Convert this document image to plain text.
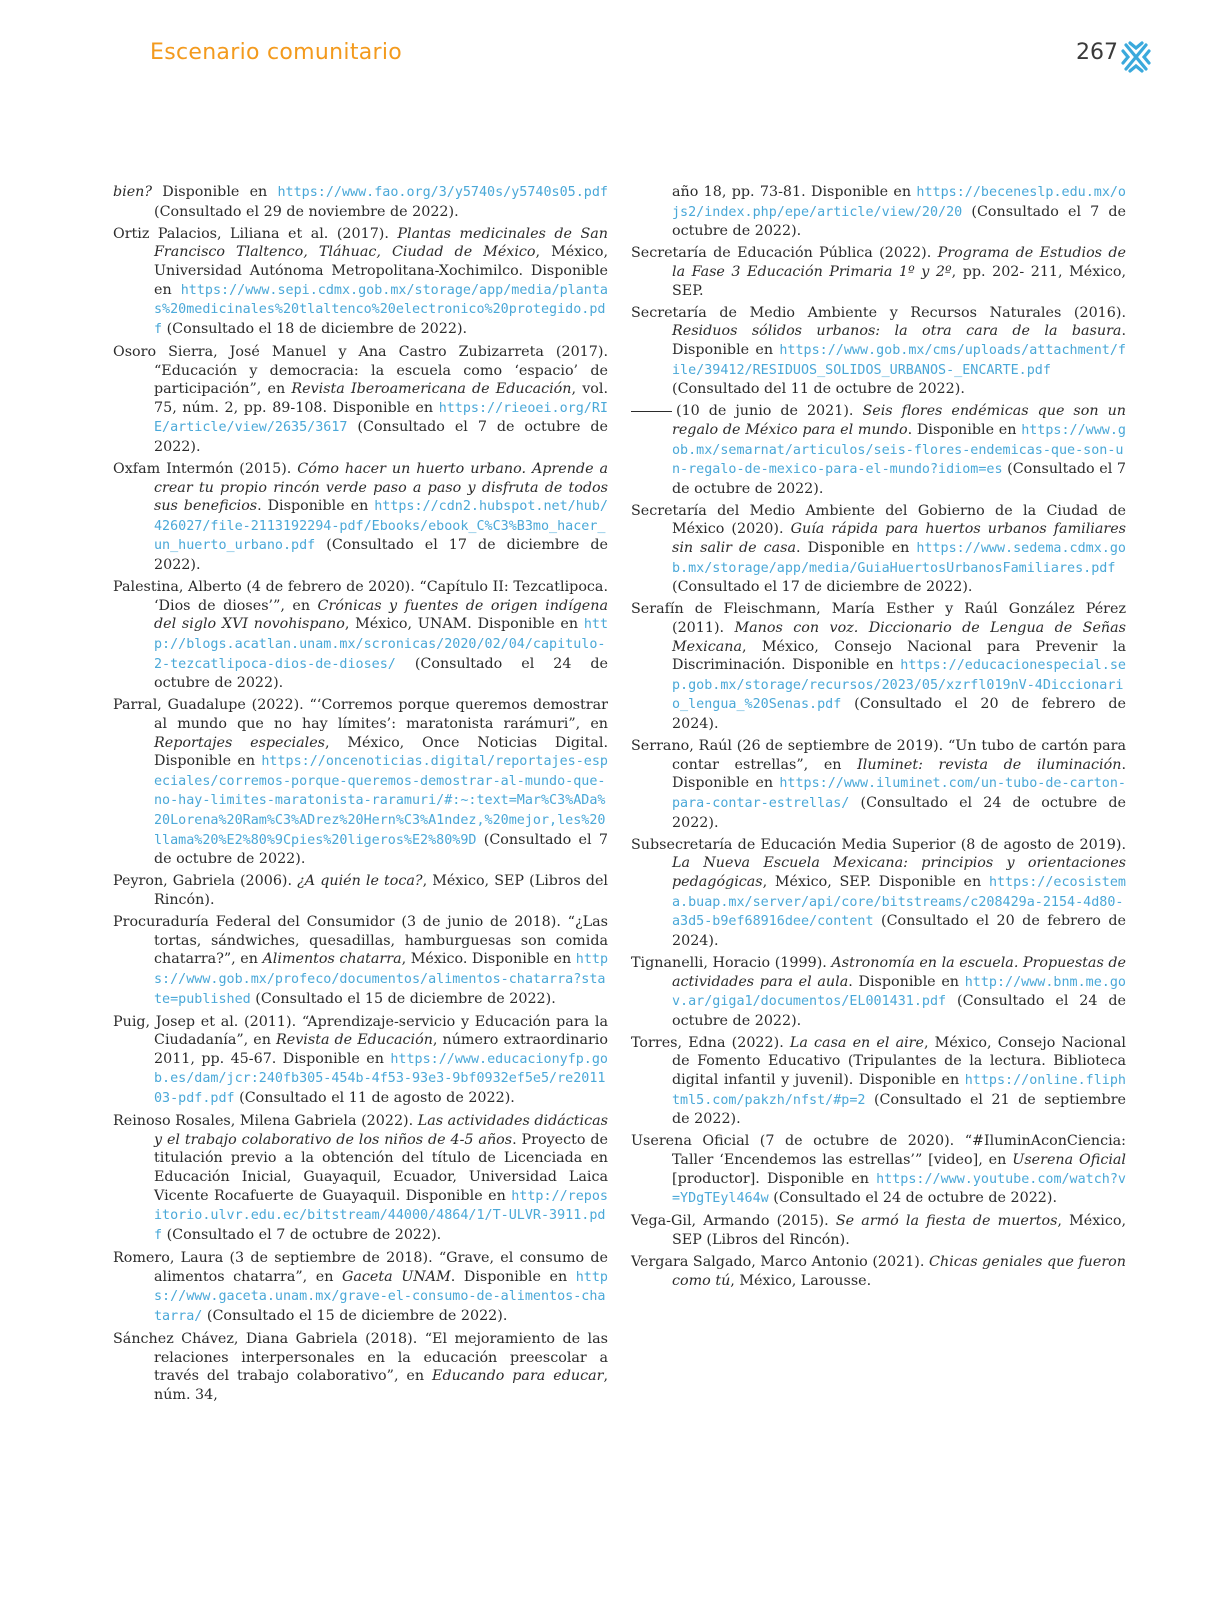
Escenario comunitario	267

bien? Disponible en https://www.fao.org/3/y5740s/y5740s05.pdf (Consultado el 29 de noviembre de 2022).

Ortiz Palacios, Liliana et al. (2017). Plantas medicinales de San Francisco Tlaltenco, Tláhuac, Ciudad de México, México, Universidad Autónoma Metropolitana-Xochimilco. Disponible en https://www.sepi.cdmx.gob.mx/storage/app/media/plantas%20medicinales%20tlaltenco%20electronico%20protegido.pdf (Consultado el 18 de diciembre de 2022).

Osoro Sierra, José Manuel y Ana Castro Zubizarreta (2017). “Educación y democracia: la escuela como ‘espacio’ de participación”, en Revista Iberoamericana de Educación, vol. 75, núm. 2, pp. 89-108. Disponible en https://rieoei.org/RIE/article/view/2635/3617 (Consultado el 7 de octubre de 2022).

Oxfam Intermón (2015). Cómo hacer un huerto urbano. Aprende a crear tu propio rincón verde paso a paso y disfruta de todos sus beneficios. Disponible en https://cdn2.hubspot.net/hub/426027/file-2113192294-pdf/Ebooks/ebook_C%C3%B3mo_hacer_un_huerto_urbano.pdf (Consultado el 17 de diciembre de 2022).

Palestina, Alberto (4 de febrero de 2020). “Capítulo II: Tezcatlipoca. ‘Dios de dioses’”, en Crónicas y fuentes de origen indígena del siglo XVI novohispano, México, UNAM. Disponible en http://blogs.acatlan.unam.mx/scronicas/2020/02/04/capitulo-2-tezcatlipoca-dios-de-dioses/ (Consultado el 24 de octubre de 2022).

Parral, Guadalupe (2022). “‘Corremos porque queremos demostrar al mundo que no hay límites’: maratonista rarámuri”, en Reportajes especiales, México, Once Noticias Digital. Disponible en https://oncenoticias.digital/reportajes-especiales/corremos-porque-queremos-demostrar-al-mundo-que-no-hay-limites-maratonista-raramuri/#:~:text=Mar%C3%ADa%20Lorena%20Ram%C3%ADrez%20Hern%C3%A1ndez,%20mejor,les%20llama%20%E2%80%9Cpies%20ligeros%E2%80%9D (Consultado el 7 de octubre de 2022).

Peyron, Gabriela (2006). ¿A quién le toca?, México, SEP (Libros del Rincón).

Procuraduría Federal del Consumidor (3 de junio de 2018). “¿Las tortas, sándwiches, quesadillas, hamburguesas son comida chatarra?”, en Alimentos chatarra, México. Disponible en https://www.gob.mx/profeco/documentos/alimentos-chatarra?state=published (Consultado el 15 de diciembre de 2022).

Puig, Josep et al. (2011). “Aprendizaje-servicio y Educación para la Ciudadanía”, en Revista de Educación, número extraordinario 2011, pp. 45-67. Disponible en https://www.educacionyfp.gob.es/dam/jcr:240fb305-454b-4f53-93e3-9bf0932ef5e5/re201103-pdf.pdf (Consultado el 11 de agosto de 2022).

Reinoso Rosales, Milena Gabriela (2022). Las actividades didácticas y el trabajo colaborativo de los niños de 4-5 años. Proyecto de titulación previo a la obtención del título de Licenciada en Educación Inicial, Guayaquil, Ecuador, Universidad Laica Vicente Rocafuerte de Guayaquil. Disponible en http://repositorio.ulvr.edu.ec/bitstream/44000/4864/1/T-ULVR-3911.pdf (Consultado el 7 de octubre de 2022).

Romero, Laura (3 de septiembre de 2018). “Grave, el consumo de alimentos chatarra”, en Gaceta UNAM. Disponible en https://www.gaceta.unam.mx/grave-el-consumo-de-alimentos-chatarra/ (Consultado el 15 de diciembre de 2022).

Sánchez Chávez, Diana Gabriela (2018). “El mejoramiento de las relaciones interpersonales en la educación preescolar a través del trabajo colaborativo”, en Educando para educar, núm. 34,

año 18, pp. 73-81. Disponible en https://beceneslp.edu.mx/ojs2/index.php/epe/article/view/20/20 (Consultado el 7 de octubre de 2022).

Secretaría de Educación Pública (2022). Programa de Estudios de la Fase 3 Educación Primaria 1º y 2º, pp. 202- 211, México, SEP.

Secretaría de Medio Ambiente y Recursos Naturales (2016). Residuos sólidos urbanos: la otra cara de la basura. Disponible en https://www.gob.mx/cms/uploads/attachment/file/39412/RESIDUOS_SOLIDOS_URBANOS-_ENCARTE.pdf (Consultado del 11 de octubre de 2022).

(10 de junio de 2021). Seis flores endémicas que son un regalo de México para el mundo. Disponible en https://www.gob.mx/semarnat/articulos/seis-flores-endemicas-que-son-un-regalo-de-mexico-para-el-mundo?idiom=es (Consultado el 7 de octubre de 2022).

Secretaría del Medio Ambiente del Gobierno de la Ciudad de México (2020). Guía rápida para huertos urbanos familiares sin salir de casa. Disponible en https://www.sedema.cdmx.gob.mx/storage/app/media/GuiaHuertosUrbanosFamiliares.pdf (Consultado el 17 de diciembre de 2022).

Serafín de Fleischmann, María Esther y Raúl González Pérez (2011). Manos con voz. Diccionario de Lengua de Señas Mexicana, México, Consejo Nacional para Prevenir la Discriminación. Disponible en https://educacionespecial.sep.gob.mx/storage/recursos/2023/05/xzrfl019nV-4Diccionario_lengua_%20Senas.pdf (Consultado el 20 de febrero de 2024).

Serrano, Raúl (26 de septiembre de 2019). “Un tubo de cartón para contar estrellas”, en Iluminet: revista de iluminación. Disponible en https://www.iluminet.com/un-tubo-de-carton-para-contar-estrellas/ (Consultado el 24 de octubre de 2022).

Subsecretaría de Educación Media Superior (8 de agosto de 2019). La Nueva Escuela Mexicana: principios y orientaciones pedagógicas, México, SEP. Disponible en https://ecosistema.buap.mx/server/api/core/bitstreams/c208429a-2154-4d80-a3d5-b9ef68916dee/content (Consultado el 20 de febrero de 2024).

Tignanelli, Horacio (1999). Astronomía en la escuela. Propuestas de actividades para el aula. Disponible en http://www.bnm.me.gov.ar/giga1/documentos/EL001431.pdf (Consultado el 24 de octubre de 2022).

Torres, Edna (2022). La casa en el aire, México, Consejo Nacional de Fomento Educativo (Tripulantes de la lectura. Biblioteca digital infantil y juvenil). Disponible en https://online.fliphtml5.com/pakzh/nfst/#p=2 (Consultado el 21 de septiembre de 2022).

Userena Oficial (7 de octubre de 2020). “#IluminAconCiencia: Taller ‘Encendemos las estrellas’” [video], en Userena Oficial [productor]. Disponible en https://www.youtube.com/watch?v=YDgTEyl464w (Consultado el 24 de octubre de 2022).

Vega-Gil, Armando (2015). Se armó la fiesta de muertos, México, SEP (Libros del Rincón).

Vergara Salgado, Marco Antonio (2021). Chicas geniales que fueron como tú, México, Larousse.
